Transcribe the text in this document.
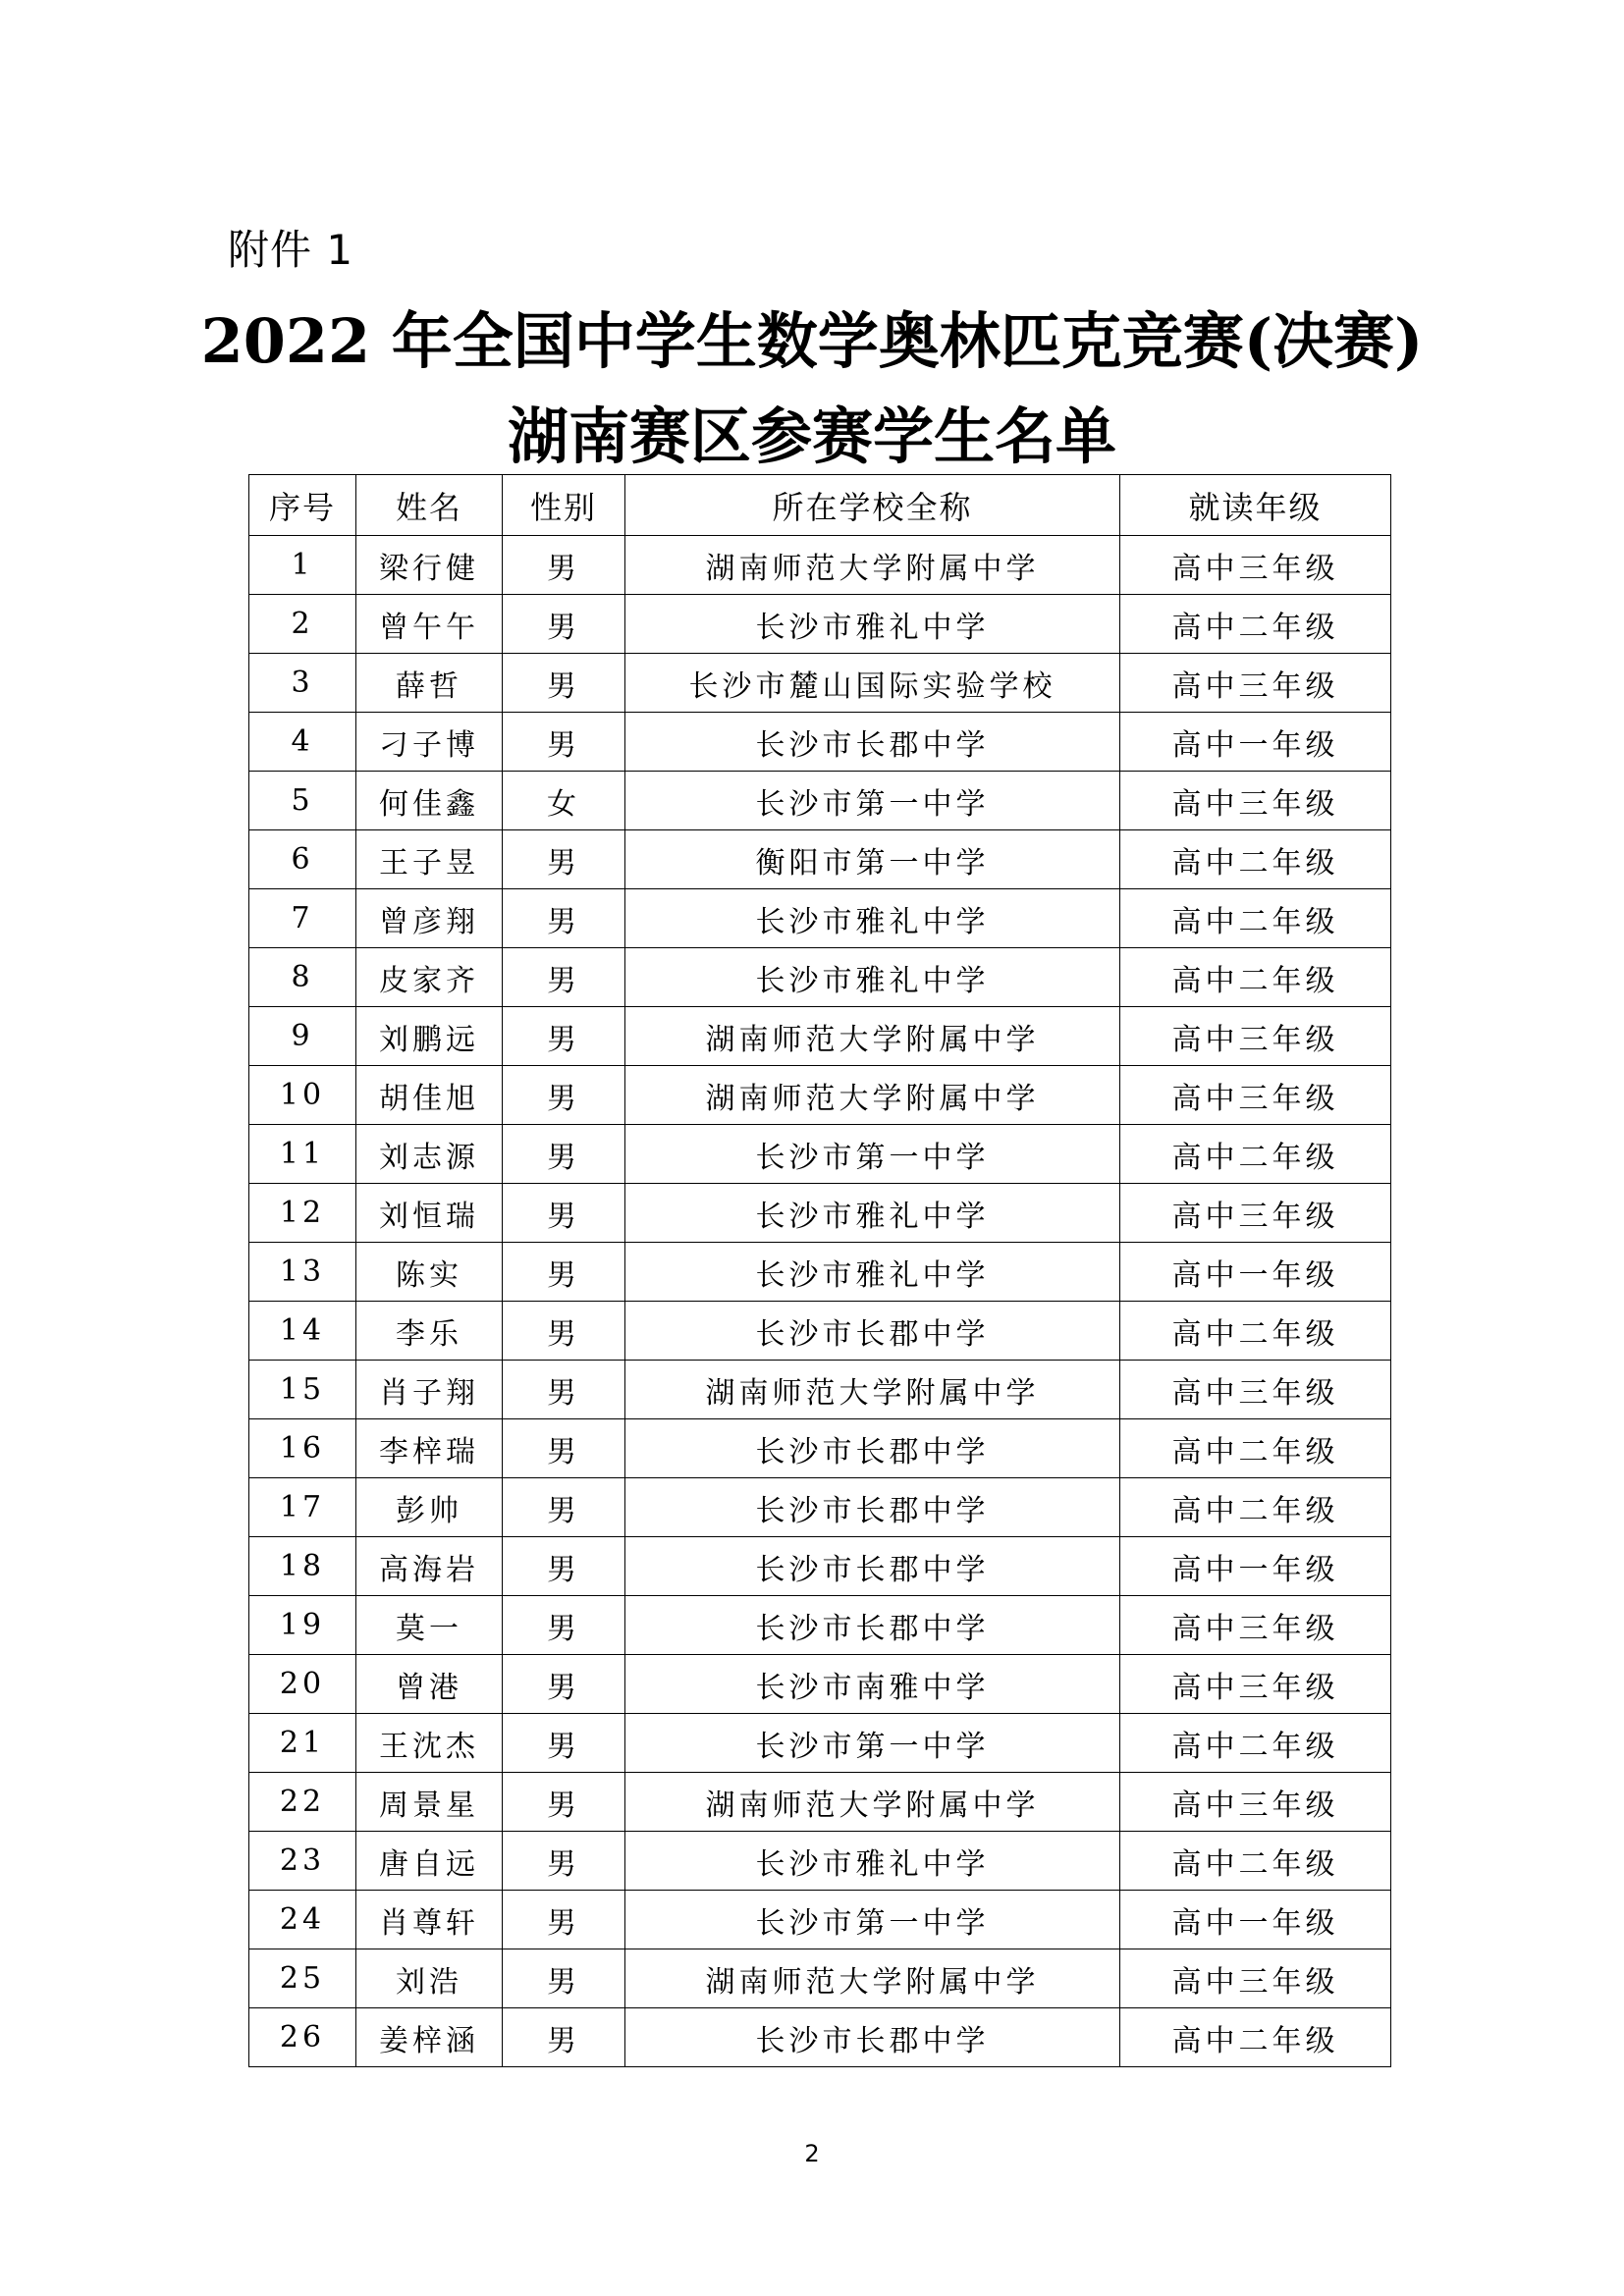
附件 1
2022 年全国中学生数学奥林匹克竞赛(决赛)
湖南赛区参赛学生名单
序号	姓名	性别	所在学校全称	就读年级
1	梁行健	男	湖南师范大学附属中学	高中三年级
2	曾午午	男	长沙市雅礼中学	高中二年级
3	薛哲	男	长沙市麓山国际实验学校	高中三年级
4	刁子博	男	长沙市长郡中学	高中一年级
5	何佳鑫	女	长沙市第一中学	高中三年级
6	王子昱	男	衡阳市第一中学	高中二年级
7	曾彦翔	男	长沙市雅礼中学	高中二年级
8	皮家齐	男	长沙市雅礼中学	高中二年级
9	刘鹏远	男	湖南师范大学附属中学	高中三年级
10	胡佳旭	男	湖南师范大学附属中学	高中三年级
11	刘志源	男	长沙市第一中学	高中二年级
12	刘恒瑞	男	长沙市雅礼中学	高中三年级
13	陈实	男	长沙市雅礼中学	高中一年级
14	李乐	男	长沙市长郡中学	高中二年级
15	肖子翔	男	湖南师范大学附属中学	高中三年级
16	李梓瑞	男	长沙市长郡中学	高中二年级
17	彭帅	男	长沙市长郡中学	高中二年级
18	高海岩	男	长沙市长郡中学	高中一年级
19	莫一	男	长沙市长郡中学	高中三年级
20	曾港	男	长沙市南雅中学	高中三年级
21	王沈杰	男	长沙市第一中学	高中二年级
22	周景星	男	湖南师范大学附属中学	高中三年级
23	唐自远	男	长沙市雅礼中学	高中二年级
24	肖尊轩	男	长沙市第一中学	高中一年级
25	刘浩	男	湖南师范大学附属中学	高中三年级
26	姜梓涵	男	长沙市长郡中学	高中二年级
2
